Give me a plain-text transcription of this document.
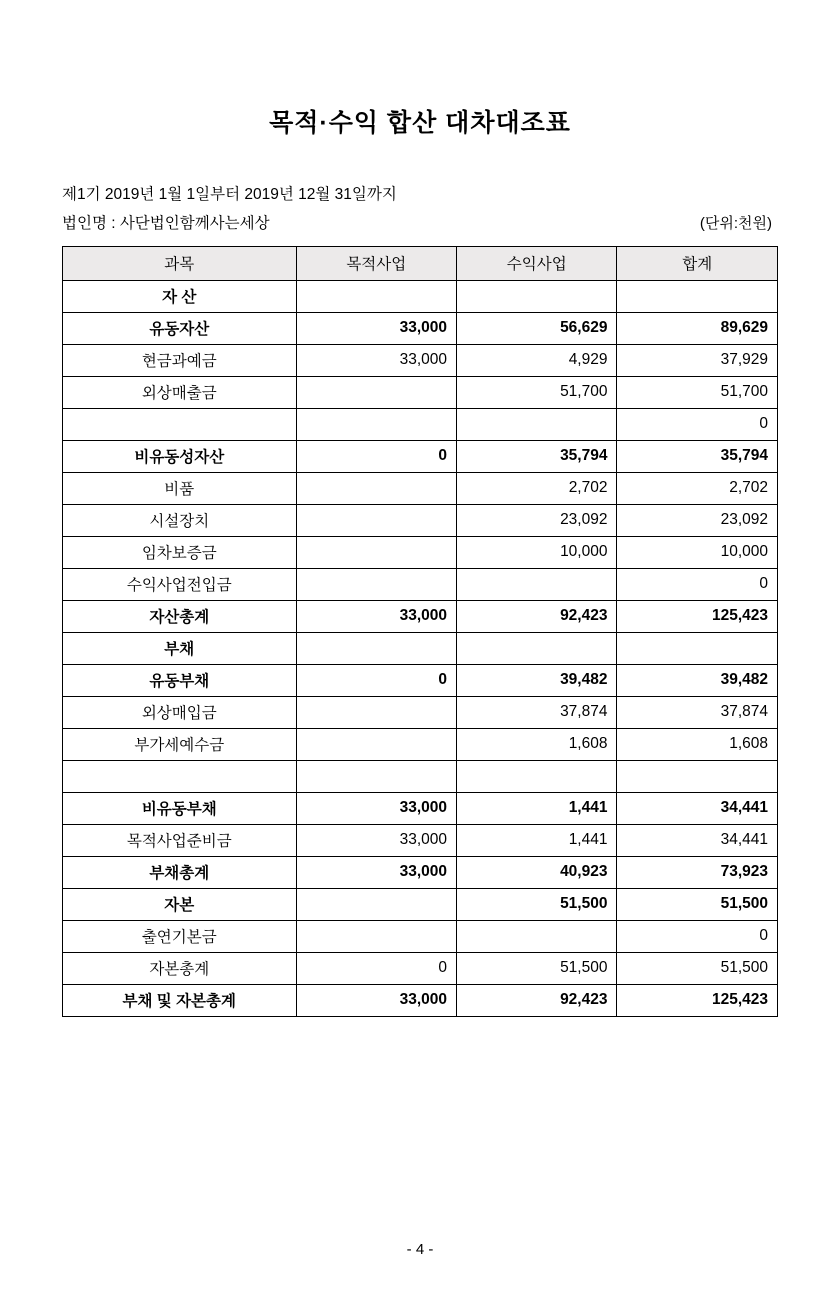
목적·수익 합산 대차대조표
제1기 2019년 1월 1일부터 2019년 12월 31일까지
법인명 : 사단법인함께사는세상	(단위:천원)
과목	목적사업	수익사업	합계
자 산			
유동자산	33,000	56,629	89,629
현금과예금	33,000	4,929	37,929
외상매출금		51,700	51,700
			0
비유동성자산	0	35,794	35,794
비품		2,702	2,702
시설장치		23,092	23,092
임차보증금		10,000	10,000
수익사업전입금			0
자산총계	33,000	92,423	125,423
부채			
유동부채	0	39,482	39,482
외상매입금		37,874	37,874
부가세예수금		1,608	1,608

비유동부채	33,000	1,441	34,441
목적사업준비금	33,000	1,441	34,441
부채총계	33,000	40,923	73,923
자본		51,500	51,500
출연기본금			0
자본총계	0	51,500	51,500
부채 및 자본총계	33,000	92,423	125,423
- 4 -
